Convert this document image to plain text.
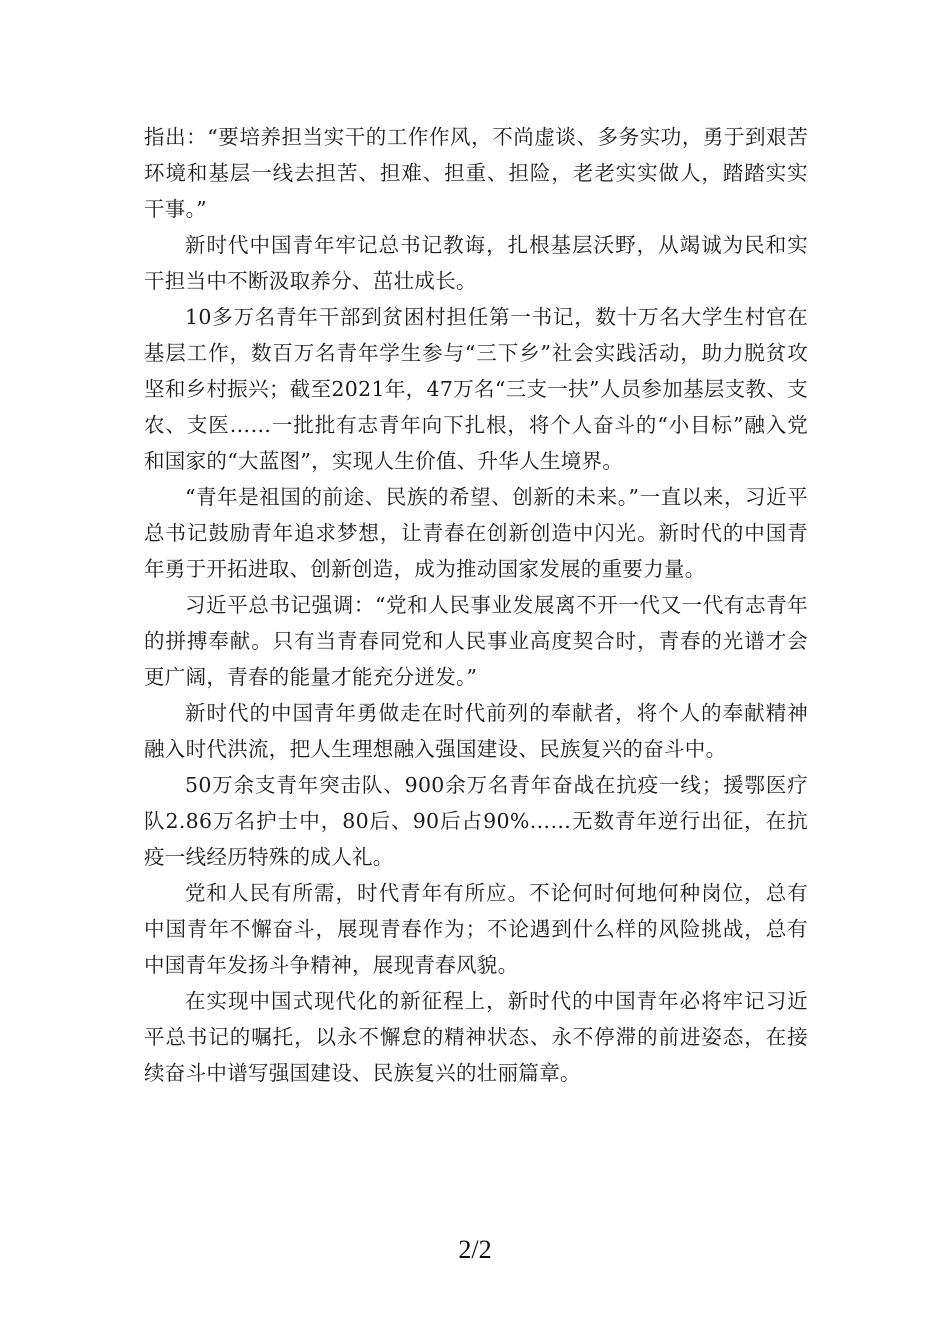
指出：“要培养担当实干的工作作风，不尚虚谈、多务实功，勇于到艰苦环境和基层一线去担苦、担难、担重、担险，老老实实做人，踏踏实实干事。”

新时代中国青年牢记总书记教诲，扎根基层沃野，从竭诚为民和实干担当中不断汲取养分、茁壮成长。

10多万名青年干部到贫困村担任第一书记，数十万名大学生村官在基层工作，数百万名青年学生参与“三下乡”社会实践活动，助力脱贫攻坚和乡村振兴；截至2021年，47万名“三支一扶”人员参加基层支教、支农、支医……一批批有志青年向下扎根，将个人奋斗的“小目标”融入党和国家的“大蓝图”，实现人生价值、升华人生境界。

“青年是祖国的前途、民族的希望、创新的未来。”一直以来，习近平总书记鼓励青年追求梦想，让青春在创新创造中闪光。新时代的中国青年勇于开拓进取、创新创造，成为推动国家发展的重要力量。

习近平总书记强调：“党和人民事业发展离不开一代又一代有志青年的拼搏奉献。只有当青春同党和人民事业高度契合时，青春的光谱才会更广阔，青春的能量才能充分迸发。”

新时代的中国青年勇做走在时代前列的奉献者，将个人的奉献精神融入时代洪流，把人生理想融入强国建设、民族复兴的奋斗中。

50万余支青年突击队、900余万名青年奋战在抗疫一线；援鄂医疗队2.86万名护士中，80后、90后占90%……无数青年逆行出征，在抗疫一线经历特殊的成人礼。

党和人民有所需，时代青年有所应。不论何时何地何种岗位，总有中国青年不懈奋斗，展现青春作为；不论遇到什么样的风险挑战，总有中国青年发扬斗争精神，展现青春风貌。

在实现中国式现代化的新征程上，新时代的中国青年必将牢记习近平总书记的嘱托，以永不懈怠的精神状态、永不停滞的前进姿态，在接续奋斗中谱写强国建设、民族复兴的壮丽篇章。

2/2
